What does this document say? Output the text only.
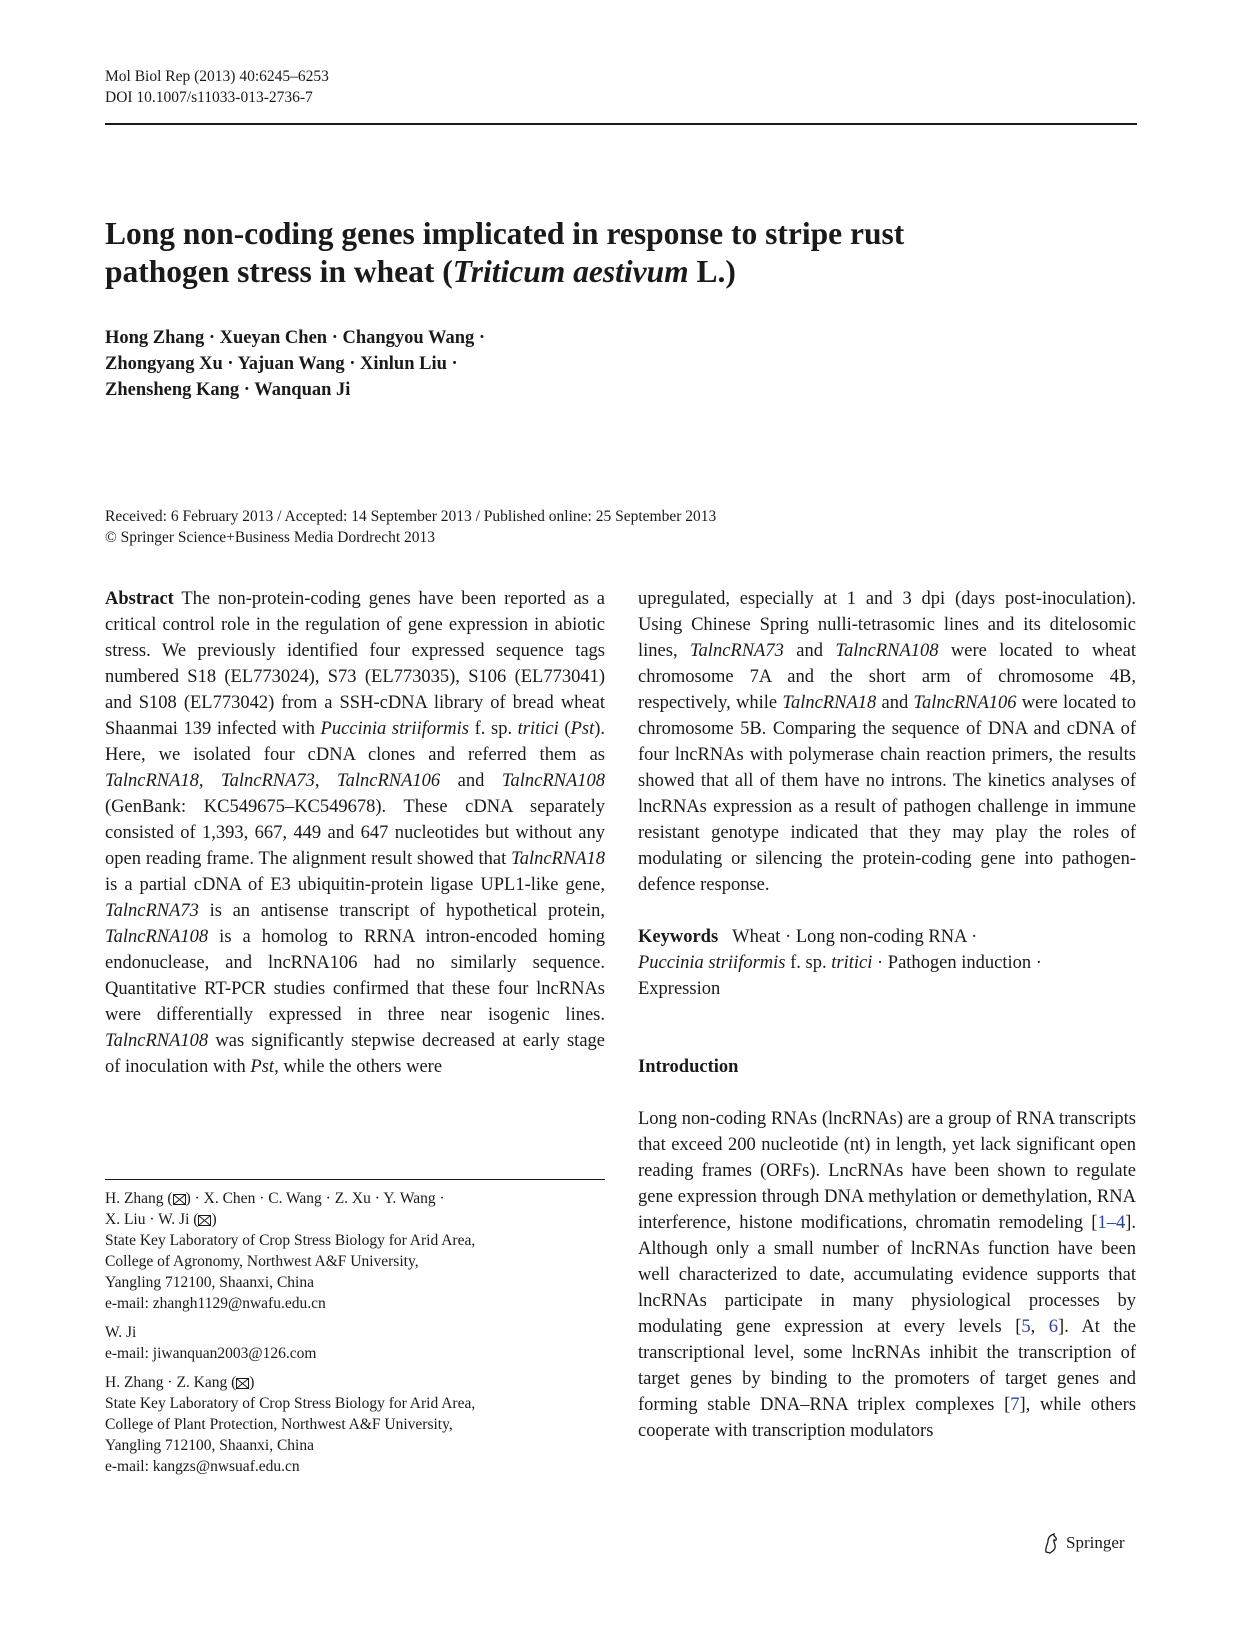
Mol Biol Rep (2013) 40:6245–6253
DOI 10.1007/s11033-013-2736-7
Long non-coding genes implicated in response to stripe rust
pathogen stress in wheat (Triticum aestivum L.)
Hong Zhang · Xueyan Chen · Changyou Wang ·
Zhongyang Xu · Yajuan Wang · Xinlun Liu ·
Zhensheng Kang · Wanquan Ji
Received: 6 February 2013 / Accepted: 14 September 2013 / Published online: 25 September 2013
© Springer Science+Business Media Dordrecht 2013
Abstract The non-protein-coding genes have been reported as a critical control role in the regulation of gene expression in abiotic stress. We previously identified four expressed sequence tags numbered S18 (EL773024), S73 (EL773035), S106 (EL773041) and S108 (EL773042) from a SSH-cDNA library of bread wheat Shaanmai 139 infected with Puccinia striiformis f. sp. tritici (Pst). Here, we isolated four cDNA clones and referred them as TalncRNA18, TalncRNA73, TalncRNA106 and TalncRNA108 (GenBank: KC549675–KC549678). These cDNA separately consisted of 1,393, 667, 449 and 647 nucleotides but without any open reading frame. The alignment result showed that TalncRNA18 is a partial cDNA of E3 ubiquitin-protein ligase UPL1-like gene, TalncRNA73 is an antisense transcript of hypothetical protein, TalncRNA108 is a homolog to RRNA intron-encoded homing endonuclease, and lncRNA106 had no similarly sequence. Quantitative RT-PCR studies confirmed that these four lncRNAs were differentially expressed in three near isogenic lines. TalncRNA108 was significantly stepwise decreased at early stage of inoculation with Pst, while the others were
upregulated, especially at 1 and 3 dpi (days post-inoculation). Using Chinese Spring nulli-tetrasomic lines and its ditelosomic lines, TalncRNA73 and TalncRNA108 were located to wheat chromosome 7A and the short arm of chromosome 4B, respectively, while TalncRNA18 and TalncRNA106 were located to chromosome 5B. Comparing the sequence of DNA and cDNA of four lncRNAs with polymerase chain reaction primers, the results showed that all of them have no introns. The kinetics analyses of lncRNAs expression as a result of pathogen challenge in immune resistant genotype indicated that they may play the roles of modulating or silencing the protein-coding gene into pathogen-defence response.
Keywords Wheat · Long non-coding RNA ·
Puccinia striiformis f. sp. tritici · Pathogen induction ·
Expression
Introduction
Long non-coding RNAs (lncRNAs) are a group of RNA transcripts that exceed 200 nucleotide (nt) in length, yet lack significant open reading frames (ORFs). LncRNAs have been shown to regulate gene expression through DNA methylation or demethylation, RNA interference, histone modifications, chromatin remodeling [1–4]. Although only a small number of lncRNAs function have been well characterized to date, accumulating evidence supports that lncRNAs participate in many physiological processes by modulating gene expression at every levels [5, 6]. At the transcriptional level, some lncRNAs inhibit the transcription of target genes by binding to the promoters of target genes and forming stable DNA–RNA triplex complexes [7], while others cooperate with transcription modulators
H. Zhang ( ) · X. Chen · C. Wang · Z. Xu · Y. Wang ·
X. Liu · W. Ji ( )
State Key Laboratory of Crop Stress Biology for Arid Area,
College of Agronomy, Northwest A&F University,
Yangling 712100, Shaanxi, China
e-mail: zhangh1129@nwafu.edu.cn
W. Ji
e-mail: jiwanquan2003@126.com
H. Zhang · Z. Kang ( )
State Key Laboratory of Crop Stress Biology for Arid Area,
College of Plant Protection, Northwest A&F University,
Yangling 712100, Shaanxi, China
e-mail: kangzs@nwsuaf.edu.cn
Springer
